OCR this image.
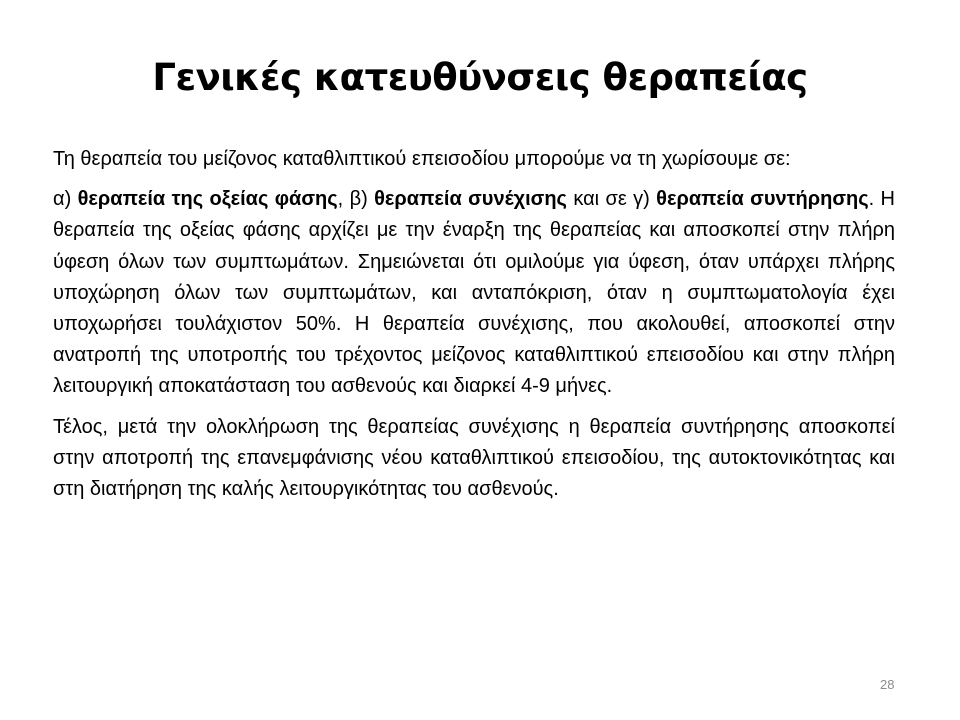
Γενικές κατευθύνσεις θεραπείας

Τη θεραπεία του μείζονος καταθλιπτικού επεισοδίου μπορούμε να τη χωρίσουμε σε:

α) θεραπεία της οξείας φάσης, β) θεραπεία συνέχισης και σε γ) θεραπεία συντήρησης. Η θεραπεία της οξείας φάσης αρχίζει με την έναρξη της θεραπείας και αποσκοπεί στην πλήρη ύφεση όλων των συμπτωμάτων. Σημειώνεται ότι ομιλούμε για ύφεση, όταν υπάρχει πλήρης υποχώρηση όλων των συμπτωμάτων, και ανταπόκριση, όταν η συμπτωματολογία έχει υποχωρήσει τουλάχιστον 50%. Η θεραπεία συνέχισης, που ακολουθεί, αποσκοπεί στην ανατροπή της υποτροπής του τρέχοντος μείζονος καταθλιπτικού επεισοδίου και στην πλήρη λειτουργική αποκατάσταση του ασθενούς και διαρκεί 4-9 μήνες.

Τέλος, μετά την ολοκλήρωση της θεραπείας συνέχισης η θεραπεία συντήρησης αποσκοπεί στην αποτροπή της επανεμφάνισης νέου καταθλιπτικού επεισοδίου, της αυτοκτονικότητας και στη διατήρηση της καλής λειτουργικότητας του ασθενούς.

28
